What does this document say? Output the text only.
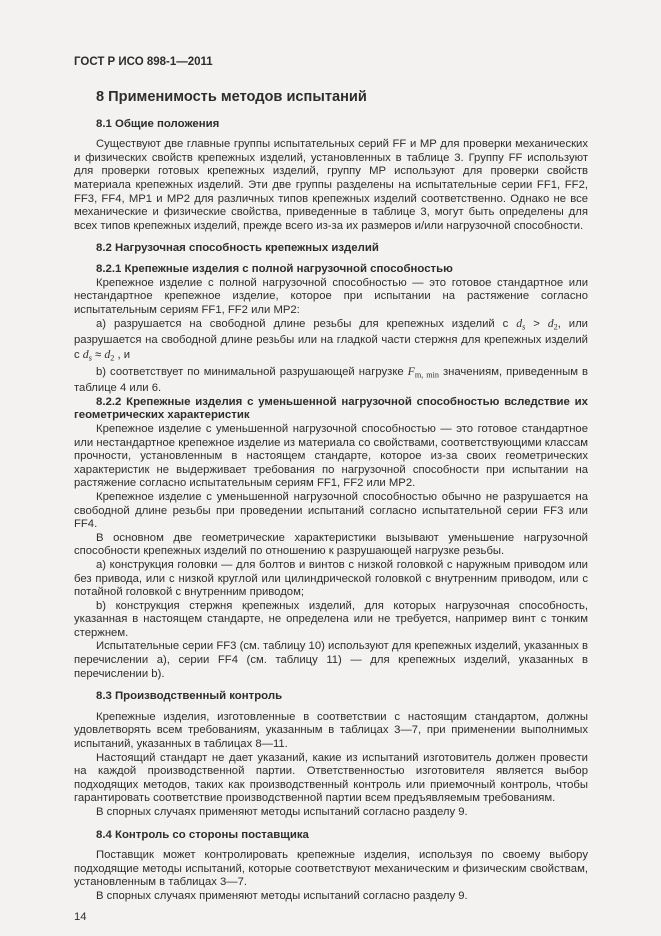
ГОСТ Р ИСО 898-1—2011
8 Применимость методов испытаний
8.1 Общие положения

Существуют две главные группы испытательных серий FF и MP для проверки механических и физических свойств крепежных изделий, установленных в таблице 3. Группу FF используют для проверки готовых крепежных изделий, группу MP используют для проверки свойств материала крепежных изделий. Эти две группы разделены на испытательные серии FF1, FF2, FF3, FF4, MP1 и MP2 для различных типов крепежных изделий соответственно. Однако не все механические и физические свойства, приведенные в таблице 3, могут быть определены для всех типов крепежных изделий, прежде всего из-за их размеров и/или нагрузочной способности.

8.2 Нагрузочная способность крепежных изделий
8.2.1 Крепежные изделия с полной нагрузочной способностью

Крепежное изделие с полной нагрузочной способностью — это готовое стандартное или нестандартное крепежное изделие, которое при испытании на растяжение согласно испытательным сериям FF1, FF2 или MP2:

a) разрушается на свободной длине резьбы для крепежных изделий с $d_s > d_2$, или разрушается на свободной длине резьбы или на гладкой части стержня для крепежных изделий с $d_s \approx d_2$ , и

b) соответствует по минимальной разрушающей нагрузке $F_{m, min}$ значениям, приведенным в таблице 4 или 6.

8.2.2 Крепежные изделия с уменьшенной нагрузочной способностью вследствие их геометрических характеристик

Крепежное изделие с уменьшенной нагрузочной способностью — это готовое стандартное или нестандартное крепежное изделие из материала со свойствами, соответствующими классам прочности, установленным в настоящем стандарте, которое из-за своих геометрических характеристик не выдерживает требования по нагрузочной способности при испытании на растяжение согласно испытательным сериям FF1, FF2 или MP2.

Крепежное изделие с уменьшенной нагрузочной способностью обычно не разрушается на свободной длине резьбы при проведении испытаний согласно испытательной серии FF3 или FF4.

В основном две геометрические характеристики вызывают уменьшение нагрузочной способности крепежных изделий по отношению к разрушающей нагрузке резьбы.

a) конструкция головки — для болтов и винтов с низкой головкой с наружным приводом или без привода, или с низкой круглой или цилиндрической головкой с внутренним приводом, или с потайной головкой с внутренним приводом;

b) конструкция стержня крепежных изделий, для которых нагрузочная способность, указанная в настоящем стандарте, не определена или не требуется, например винт с тонким стержнем.

Испытательные серии FF3 (см. таблицу 10) используют для крепежных изделий, указанных в перечислении a), серии FF4 (см. таблицу 11) — для крепежных изделий, указанных в перечислении b).

8.3 Производственный контроль

Крепежные изделия, изготовленные в соответствии с настоящим стандартом, должны удовлетворять всем требованиям, указанным в таблицах 3—7, при применении выполнимых испытаний, указанных в таблицах 8—11.

Настоящий стандарт не дает указаний, какие из испытаний изготовитель должен провести на каждой производственной партии. Ответственностью изготовителя является выбор подходящих методов, таких как производственный контроль или приемочный контроль, чтобы гарантировать соответствие производственной партии всем предъявляемым требованиям.

В спорных случаях применяют методы испытаний согласно разделу 9.

8.4 Контроль со стороны поставщика

Поставщик может контролировать крепежные изделия, используя по своему выбору подходящие методы испытаний, которые соответствуют механическим и физическим свойствам, установленным в таблицах 3—7.

В спорных случаях применяют методы испытаний согласно разделу 9.

14
